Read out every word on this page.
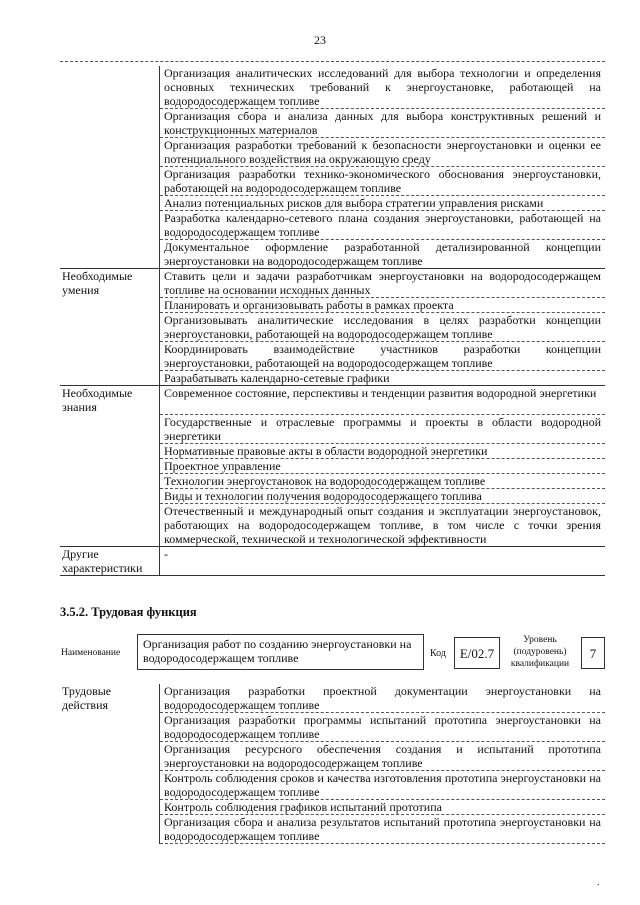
23
	Организация аналитических исследований для выбора технологии и определения основных технических требований к энергоустановке, работающей на водородосодержащем топливе
	Организация сбора и анализа данных для выбора конструктивных решений и конструкционных материалов
	Организация разработки требований к безопасности энергоустановки и оценки ее потенциального воздействия на окружающую среду
	Организация разработки технико-экономического обоснования энергоустановки, работающей на водородосодержащем топливе
	Анализ потенциальных рисков для выбора стратегии управления рисками
	Разработка календарно-сетевого плана создания энергоустановки, работающей на водородосодержащем топливе
	Документальное оформление разработанной детализированной концепции энергоустановки на водородосодержащем топливе
Необходимые умения	Ставить цели и задачи разработчикам энергоустановки на водородосодержащем топливе на основании исходных данных
	Планировать и организовывать работы в рамках проекта
	Организовывать аналитические исследования в целях разработки концепции энергоустановки, работающей на водородосодержащем топливе
	Координировать взаимодействие участников разработки концепции энергоустановки, работающей на водородосодержащем топливе
	Разрабатывать календарно-сетевые графики
Необходимые знания	Современное состояние, перспективы и тенденции развития водородной энергетики
	Государственные и отраслевые программы и проекты в области водородной энергетики
	Нормативные правовые акты в области водородной энергетики
	Проектное управление
	Технологии энергоустановок на водородосодержащем топливе
	Виды и технологии получения водородосодержащего топлива
	Отечественный и международный опыт создания и эксплуатации энергоустановок, работающих на водородосодержащем топливе, в том числе с точки зрения коммерческой, технической и технологической эффективности
Другие характеристики	-
3.5.2. Трудовая функция
Наименование
Организация работ по созданию энергоустановки на водородосодержащем топливе	Код	E/02.7
Уровень (подуровень) квалификации
7
Трудовые действия	Организация разработки проектной документации энергоустановки на водородосодержащем топливе
	Организация разработки программы испытаний прототипа энергоустановки на водородосодержащем топливе
	Организация ресурсного обеспечения создания и испытаний прототипа энергоустановки на водородосодержащем топливе
	Контроль соблюдения сроков и качества изготовления прототипа энергоустановки на водородосодержащем топливе
	Контроль соблюдения графиков испытаний прототипа
	Организация сбора и анализа результатов испытаний прототипа энергоустановки на водородосодержащем топливе
.
